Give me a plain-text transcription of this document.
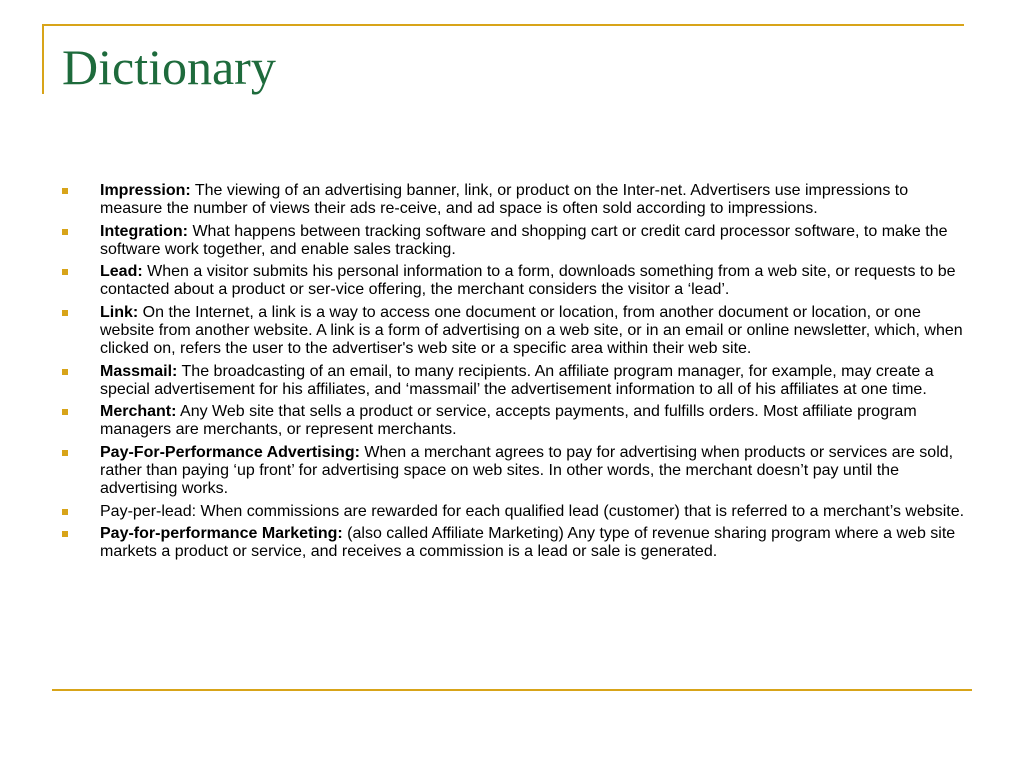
Dictionary
Impression: The viewing of an advertising banner, link, or product on the Inter-net. Advertisers use impressions to measure the number of views their ads re-ceive, and ad space is often sold according to impressions.
Integration: What happens between tracking software and shopping cart or credit card processor software, to make the software work together, and enable sales tracking.
Lead: When a visitor submits his personal information to a form, downloads something from a web site, or requests to be contacted about a product or ser-vice offering, the merchant considers the visitor a ‘lead’.
Link: On the Internet, a link is a way to access one document or location, from another document or location, or one website from another website. A link is a form of advertising on a web site, or in an email or online newsletter, which, when clicked on, refers the user to the advertiser's web site or a specific area within their web site.
Massmail: The broadcasting of an email, to many recipients. An affiliate program manager, for example, may create a special advertisement for his affiliates, and ‘massmail’ the advertisement information to all of his affiliates at one time.
Merchant: Any Web site that sells a product or service, accepts payments, and fulfills orders. Most affiliate program managers are merchants, or represent merchants.
Pay-For-Performance Advertising: When a merchant agrees to pay for advertising when products or services are sold, rather than paying ‘up front’ for advertising space on web sites. In other words, the merchant doesn’t pay until the advertising works.
Pay-per-lead: When commissions are rewarded for each qualified lead (customer) that is referred to a merchant’s website.
Pay-for-performance Marketing: (also called Affiliate Marketing) Any type of revenue sharing program where a web site markets a product or service, and receives a commission is a lead or sale is generated.
